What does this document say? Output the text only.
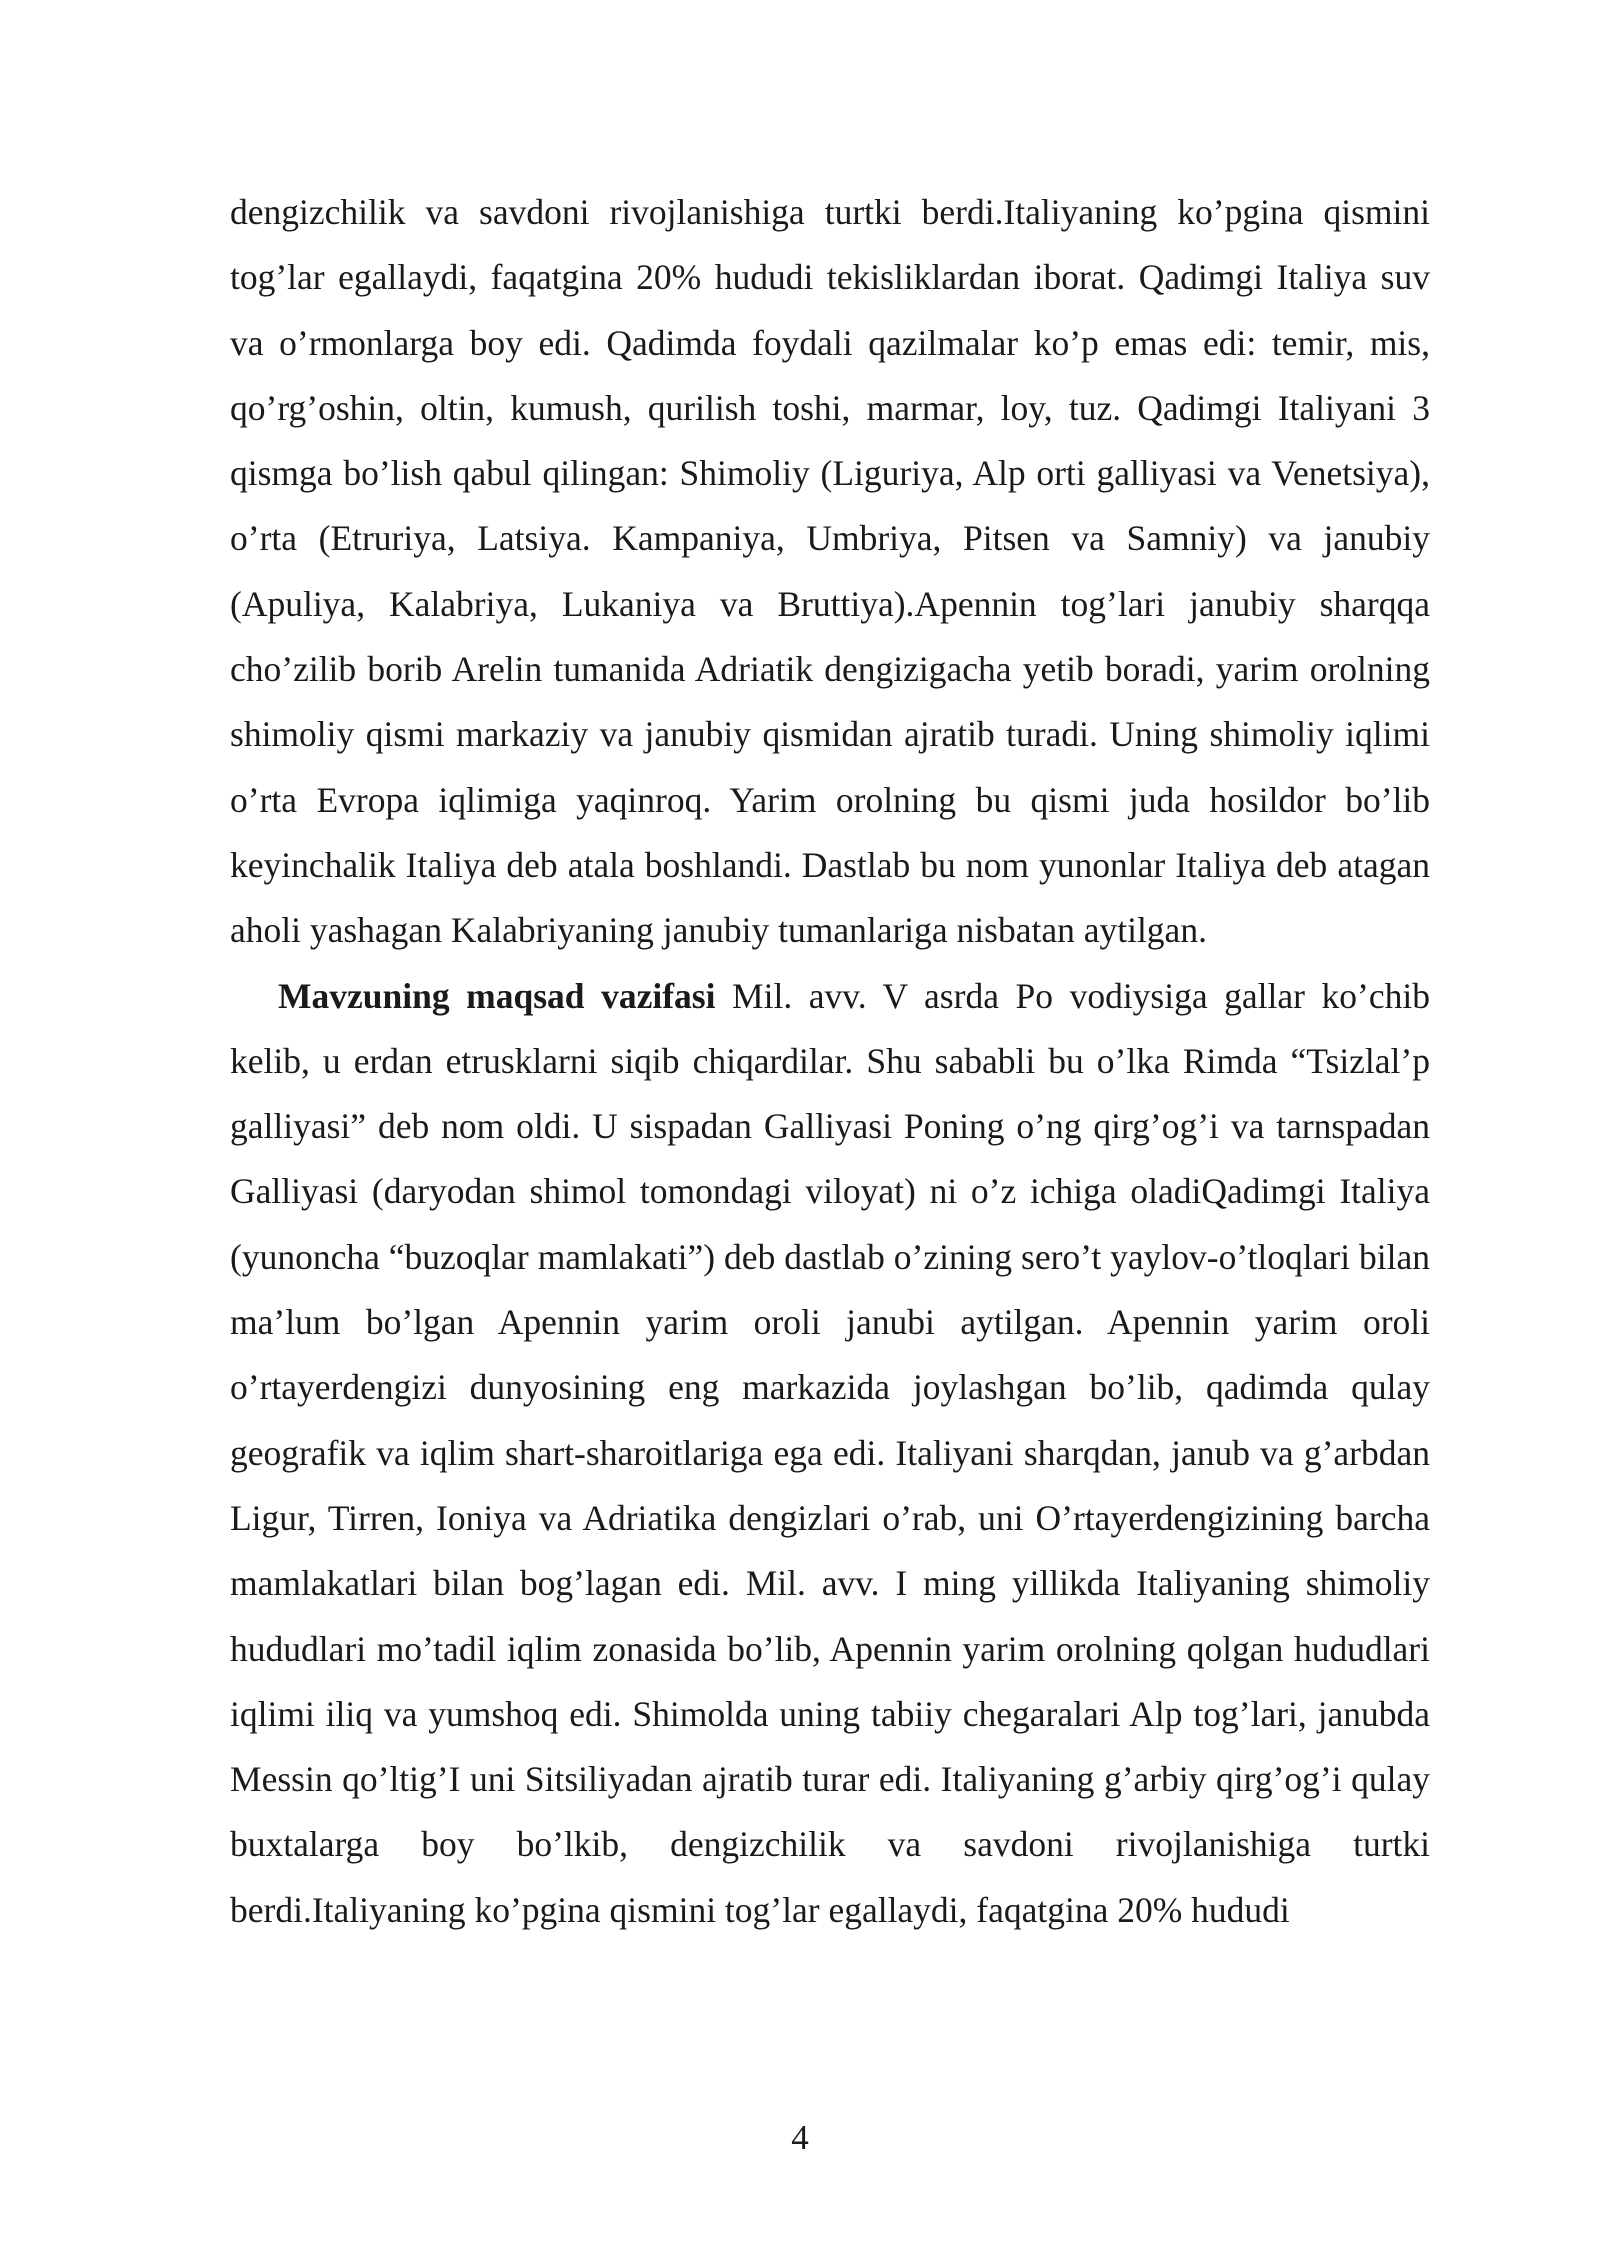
dengizchilik va savdoni rivojlanishiga turtki berdi.Italiyaning ko’pgina qismini tog’lar egallaydi, faqatgina 20% hududi tekisliklardan iborat. Qadimgi Italiya suv va o’rmonlarga boy edi. Qadimda foydali qazilmalar ko’p emas edi: temir, mis, qo’rg’oshin, oltin, kumush, qurilish toshi, marmar, loy, tuz. Qadimgi Italiyani 3 qismga bo’lish qabul qilingan: Shimoliy (Liguriya, Alp orti galliyasi va Venetsiya), o’rta (Etruriya, Latsiya. Kampaniya, Umbriya, Pitsen va Samniy) va janubiy (Apuliya, Kalabriya, Lukaniya va Bruttiya).Apennin tog’lari janubiy sharqqa cho’zilib borib Arelin tumanida Adriatik dengizigacha yetib boradi, yarim orolning shimoliy qismi markaziy va janubiy qismidan ajratib turadi. Uning shimoliy iqlimi o’rta Evropa iqlimiga yaqinroq. Yarim orolning bu qismi juda hosildor bo’lib keyinchalik Italiya deb atala boshlandi. Dastlab bu nom yunonlar Italiya deb atagan aholi yashagan Kalabriyaning janubiy tumanlariga nisbatan aytilgan.

Mavzuning maqsad vazifasi Mil. avv. V asrda Po vodiysiga gallar ko’chib kelib, u erdan etrusklarni siqib chiqardilar. Shu sababli bu o’lka Rimda “Tsizlal’p galliyasi” deb nom oldi. U sispadan Galliyasi Poning o’ng qirg’og’i va tarnspadan Galliyasi (daryodan shimol tomondagi viloyat) ni o’z ichiga oladiQadimgi Italiya (yunoncha “buzoqlar mamlakati”) deb dastlab o’zining sero’t yaylov-o’tloqlari bilan ma’lum bo’lgan Apennin yarim oroli janubi aytilgan. Apennin yarim oroli o’rtayerdengizi dunyosining eng markazida joylashgan bo’lib, qadimda qulay geografik va iqlim shart-sharoitlariga ega edi. Italiyani sharqdan, janub va g’arbdan Ligur, Tirren, Ioniya va Adriatika dengizlari o’rab, uni O’rtayerdengizining barcha mamlakatlari bilan bog’lagan edi. Mil. avv. I ming yillikda Italiyaning shimoliy hududlari mo’tadil iqlim zonasida bo’lib, Apennin yarim orolning qolgan hududlari iqlimi iliq va yumshoq edi. Shimolda uning tabiiy chegaralari Alp tog’lari, janubda Messin qo’ltig’I uni Sitsiliyadan ajratib turar edi. Italiyaning g’arbiy qirg’og’i qulay buxtalarga boy bo’lkib, dengizchilik va savdoni rivojlanishiga turtki berdi.Italiyaning ko’pgina qismini tog’lar egallaydi, faqatgina 20% hududi

4
